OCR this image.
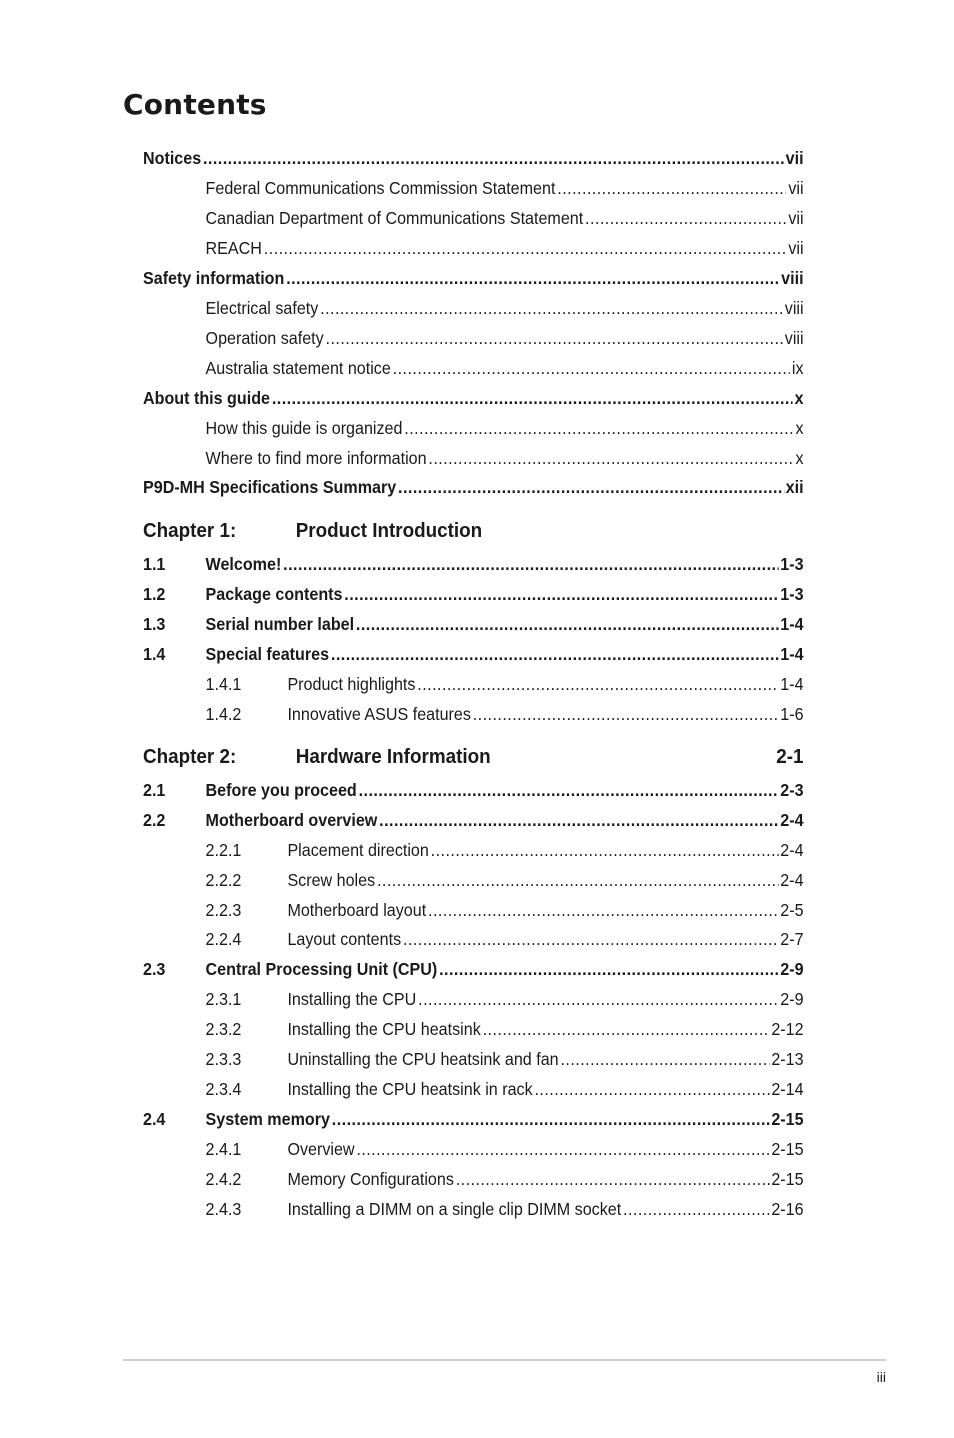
Contents
Notices .....	vii
Federal Communications Commission Statement .....	vii
Canadian Department of Communications Statement .....	vii
REACH .....	vii
Safety information .....	viii
Electrical safety .....	viii
Operation safety .....	viii
Australia statement notice .....	ix
About this guide .....	x
How this guide is organized .....	x
Where to find more information .....	x
P9D-MH Specifications Summary .....	xii
Chapter 1:	Product Introduction
1.1	Welcome! .....	1-3
1.2	Package contents .....	1-3
1.3	Serial number label .....	1-4
1.4	Special features .....	1-4
1.4.1	Product highlights .....	1-4
1.4.2	Innovative ASUS features .....	1-6
Chapter 2:	Hardware Information	2-1
2.1	Before you proceed .....	2-3
2.2	Motherboard overview .....	2-4
2.2.1	Placement direction .....	2-4
2.2.2	Screw holes .....	2-4
2.2.3	Motherboard layout .....	2-5
2.2.4	Layout contents .....	2-7
2.3	Central Processing Unit (CPU) .....	2-9
2.3.1	Installing the CPU .....	2-9
2.3.2	Installing the CPU heatsink .....	2-12
2.3.3	Uninstalling the CPU heatsink and fan .....	2-13
2.3.4	Installing the CPU heatsink in rack .....	2-14
2.4	System memory .....	2-15
2.4.1	Overview .....	2-15
2.4.2	Memory Configurations .....	2-15
2.4.3	Installing a DIMM on a single clip DIMM socket .....	2-16
iii
